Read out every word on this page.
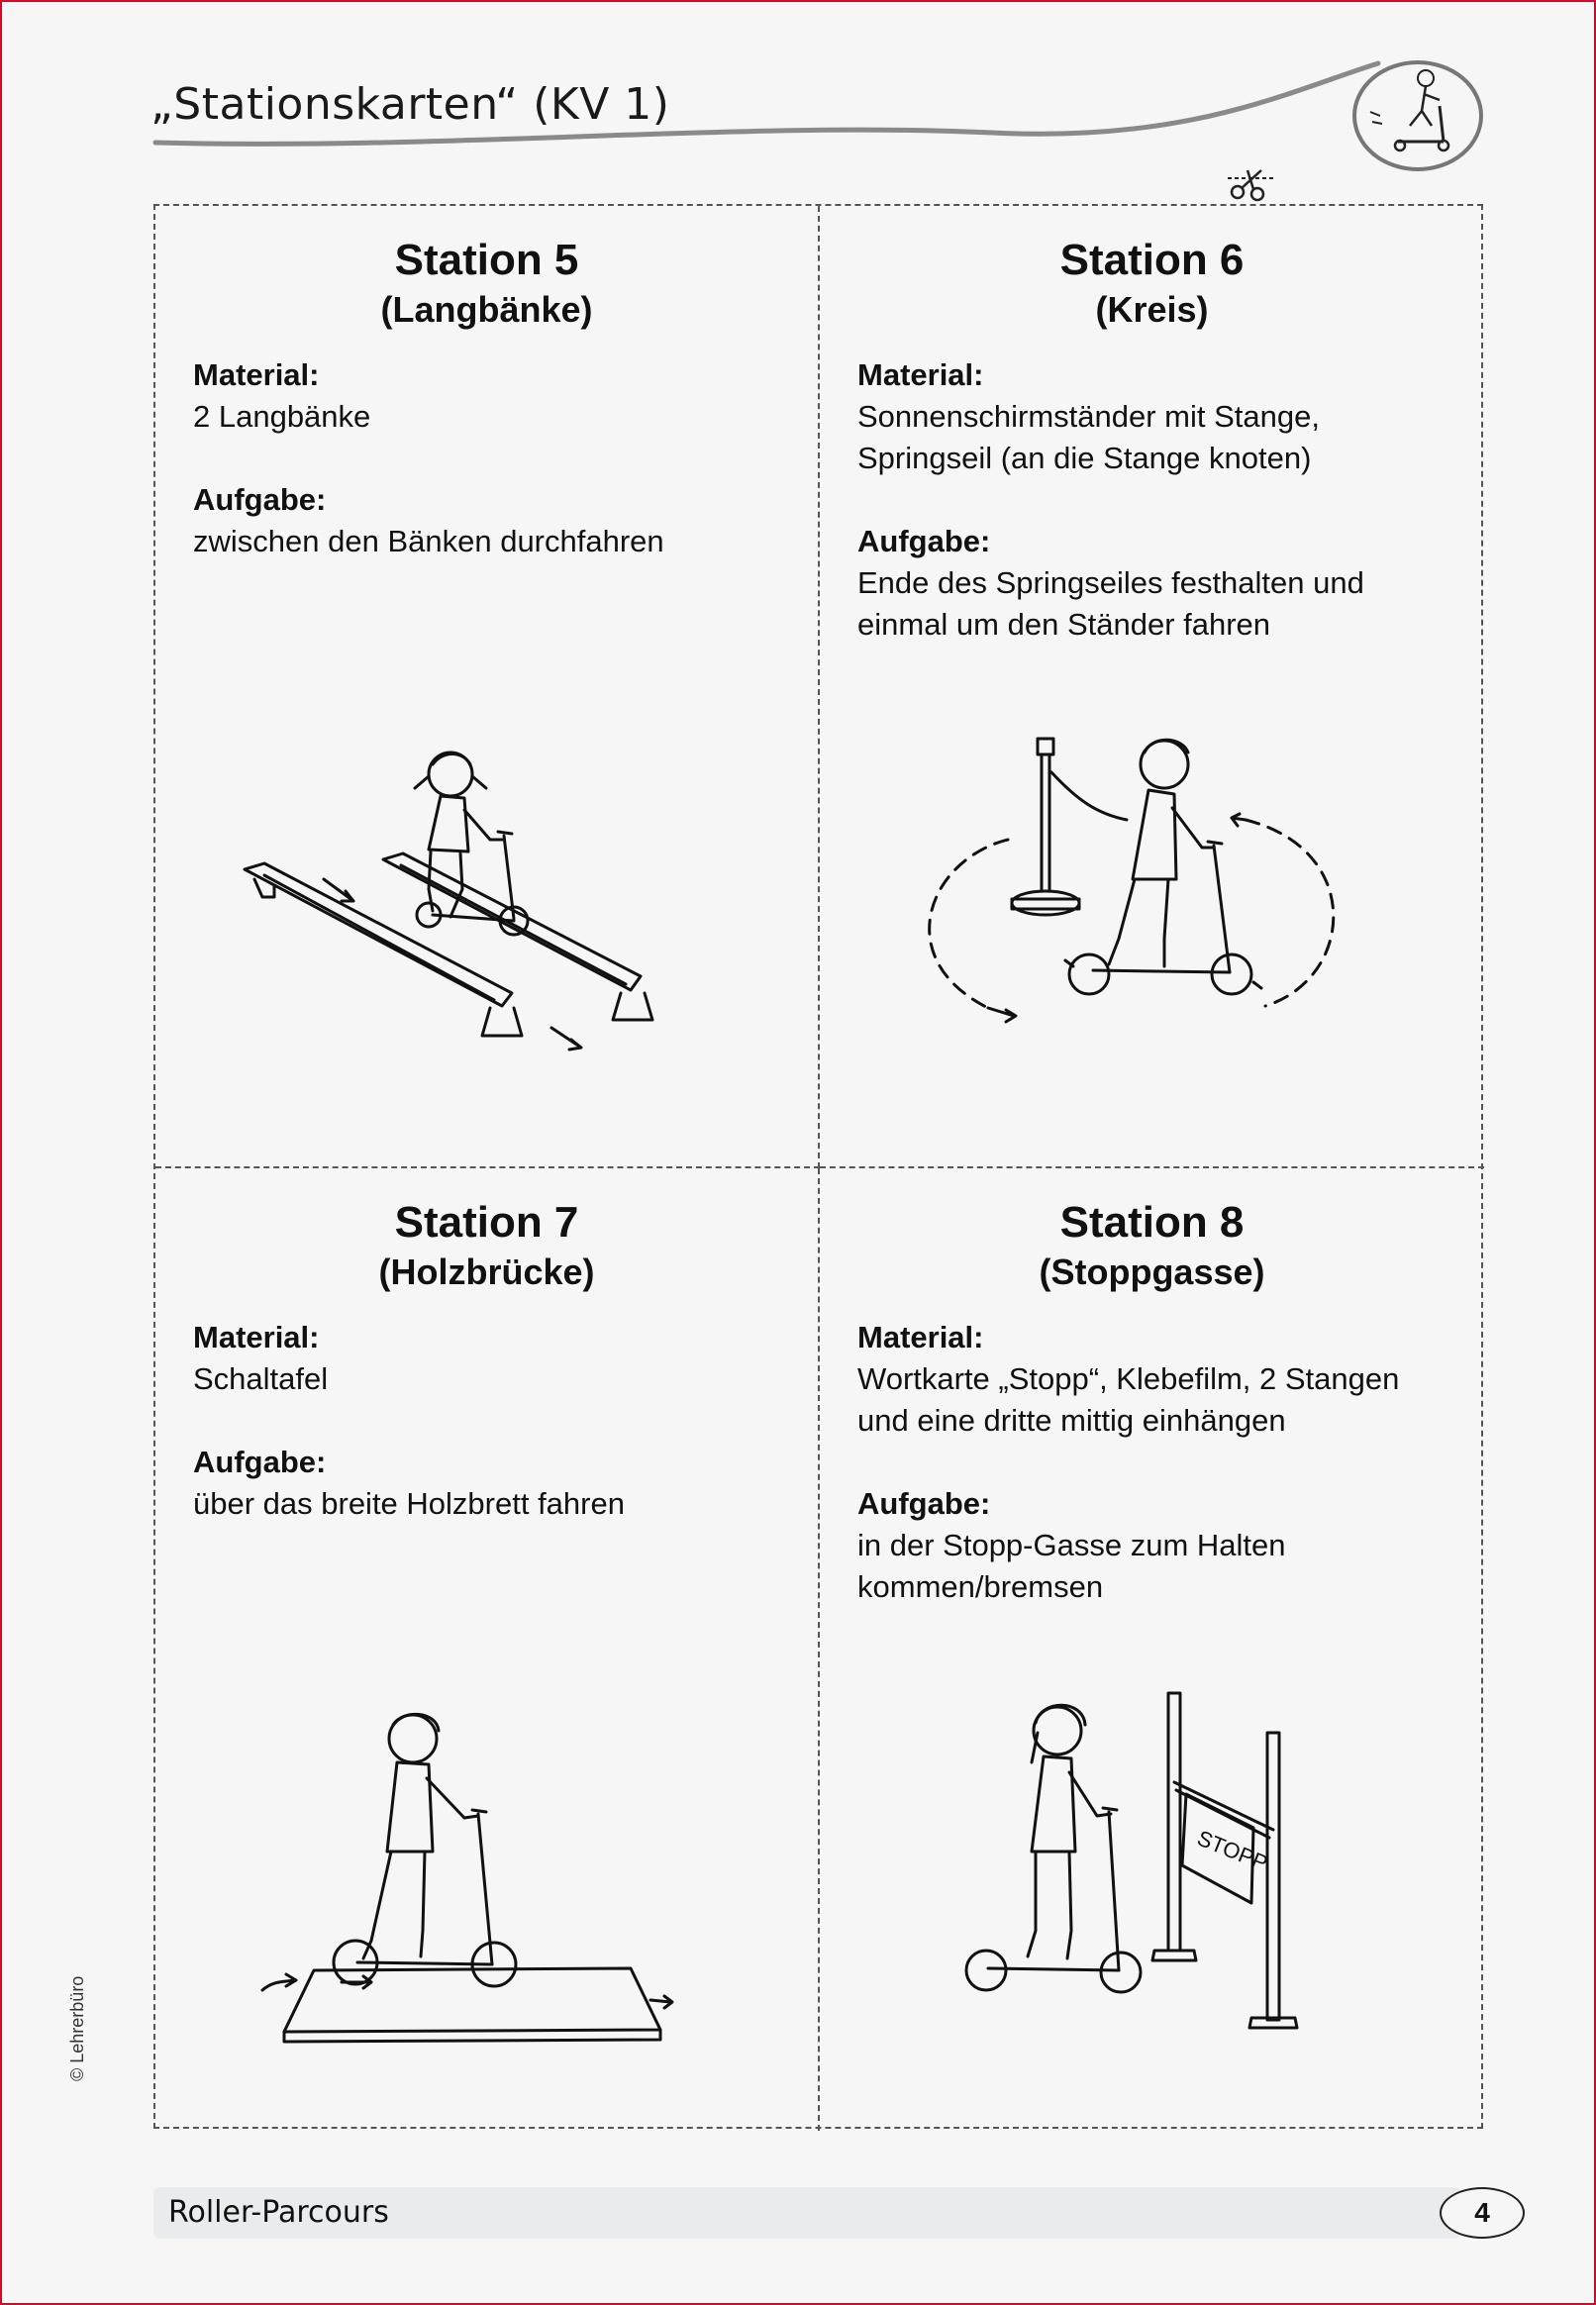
„Stationskarten“ (KV 1)
Station 5
(Langbänke)
Material:
2 Langbänke
Aufgabe:
zwischen den Bänken durchfahren
Station 6
(Kreis)
Material:
Sonnenschirmständer mit Stange,
Springseil (an die Stange knoten)
Aufgabe:
Ende des Springseiles festhalten und
einmal um den Ständer fahren
Station 7
(Holzbrücke)
Material:
Schaltafel
Aufgabe:
über das breite Holzbrett fahren
Station 8
(Stoppgasse)
Material:
Wortkarte „Stopp“, Klebefilm, 2 Stangen
und eine dritte mittig einhängen
Aufgabe:
in der Stopp-Gasse zum Halten
kommen/bremsen
STOPP
© Lehrerbüro
Roller-Parcours	4
